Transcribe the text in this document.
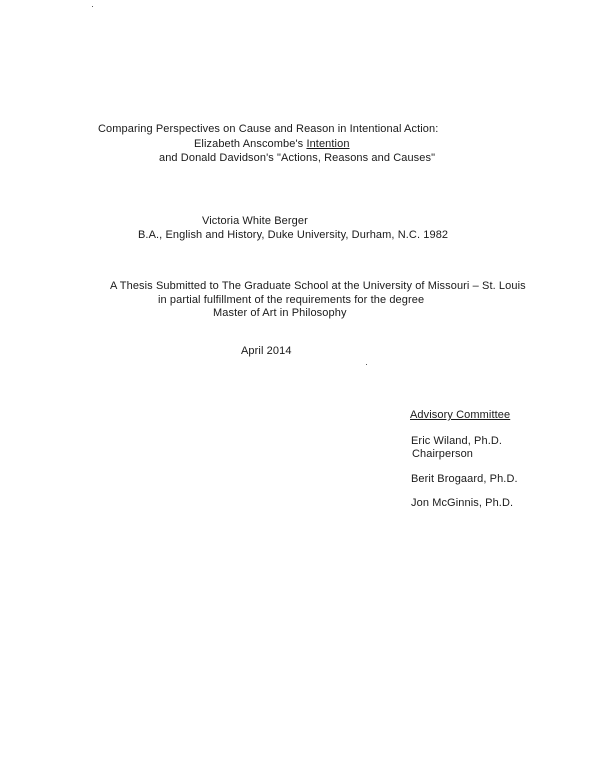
Comparing Perspectives on Cause and Reason in Intentional Action:
Elizabeth Anscombe's Intention
and Donald Davidson's "Actions, Reasons and Causes"
Victoria White Berger
B.A., English and History, Duke University, Durham, N.C. 1982
A Thesis Submitted to The Graduate School at the University of Missouri – St. Louis
in partial fulfillment of the requirements for the degree
Master of Art in Philosophy
April 2014
Advisory Committee
Eric Wiland, Ph.D.
Chairperson
Berit Brogaard, Ph.D.
Jon McGinnis, Ph.D.
